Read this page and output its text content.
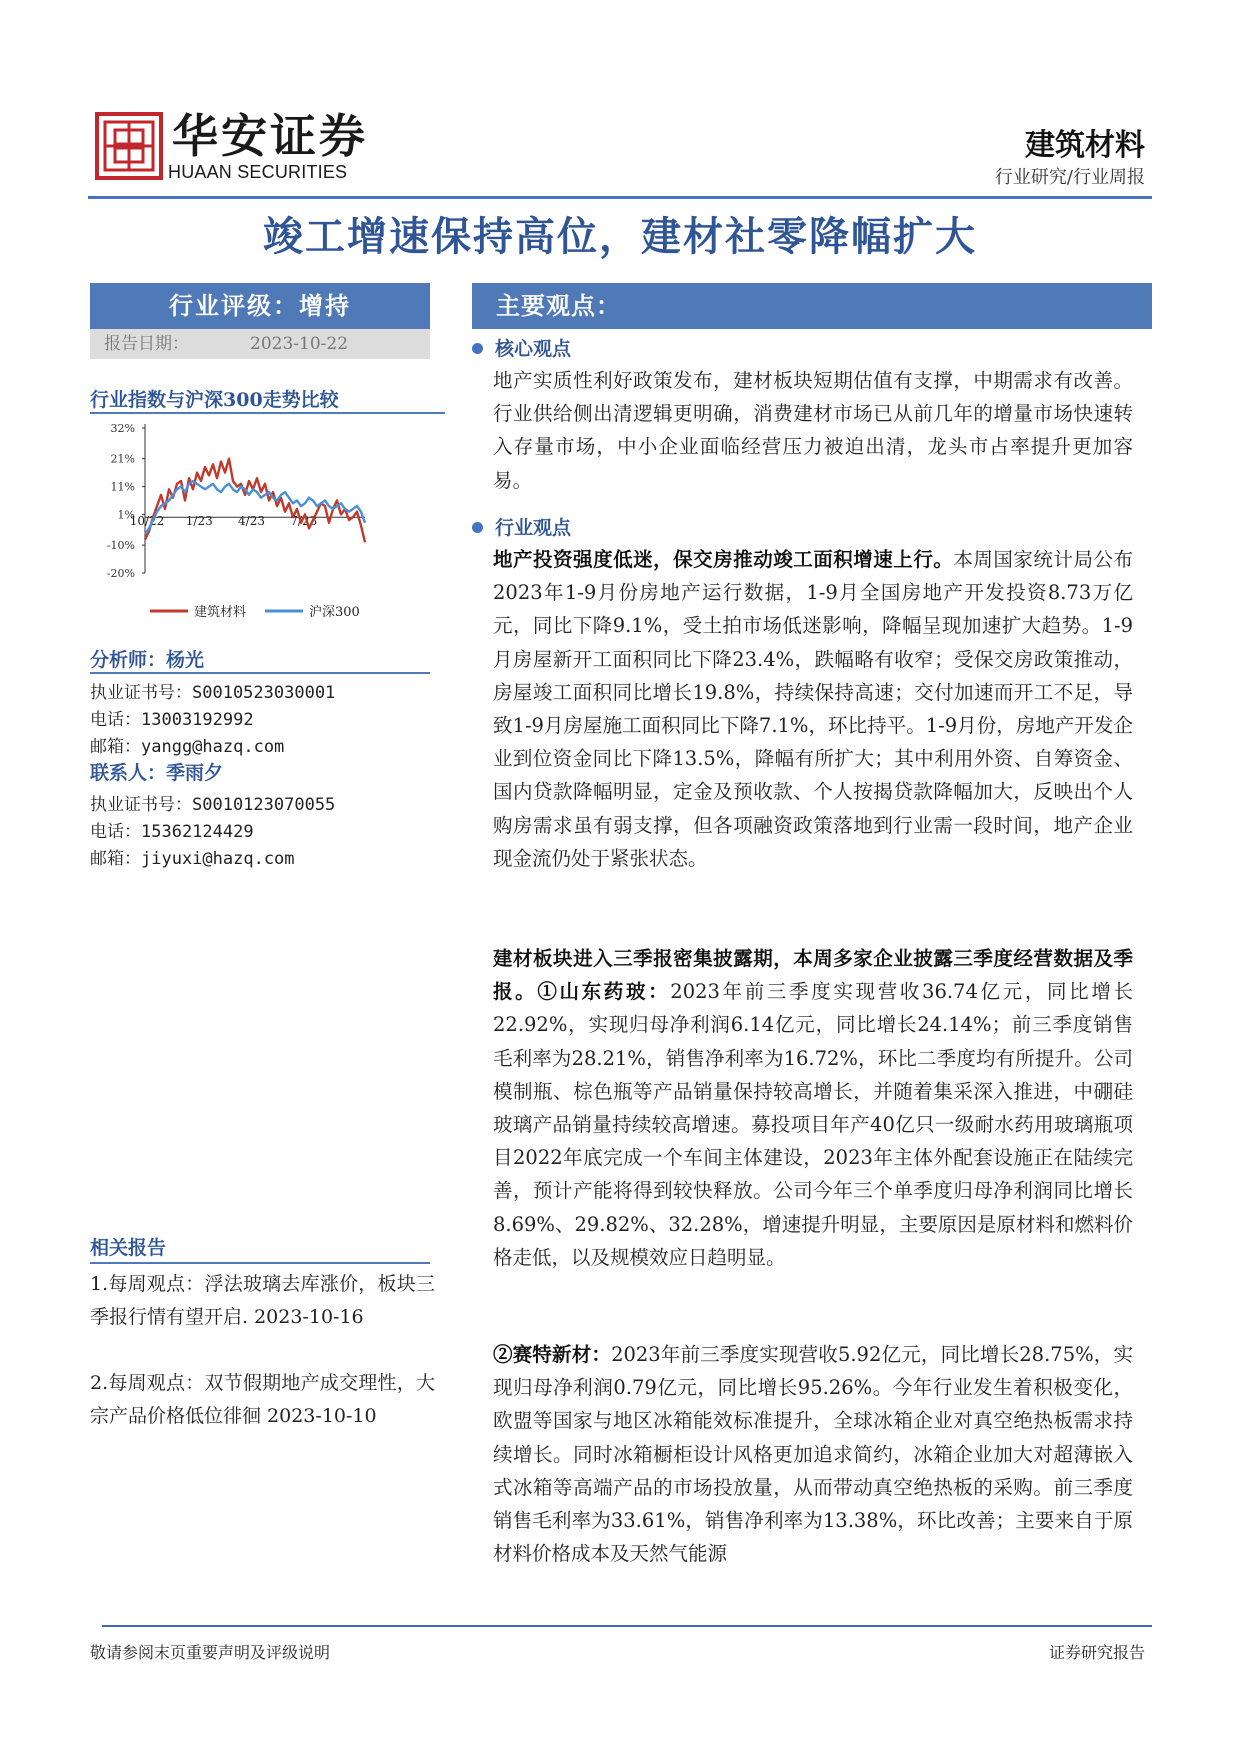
华安证券
HUAAN SECURITIES
建筑材料
行业研究/行业周报
竣工增速保持高位，建材社零降幅扩大
行业评级：增持
报告日期：	2023-10-22
行业指数与沪深300走势比较
32%
21%
11%
1%
-10%
-20%
10/22 1/23 4/23 7/23
建筑材料	沪深300
分析师：杨光
执业证书号：S0010523030001
电话：13003192992
邮箱：yangg@hazq.com
联系人：季雨夕
执业证书号：S0010123070055
电话：15362124429
邮箱：jiyuxi@hazq.com
相关报告
1.每周观点：浮法玻璃去库涨价，板块三季报行情有望开启. 2023-10-16
2.每周观点：双节假期地产成交理性，大宗产品价格低位徘徊 2023-10-10
主要观点：
核心观点
地产实质性利好政策发布，建材板块短期估值有支撑，中期需求有改善。行业供给侧出清逻辑更明确，消费建材市场已从前几年的增量市场快速转入存量市场，中小企业面临经营压力被迫出清，龙头市占率提升更加容易。
行业观点
地产投资强度低迷，保交房推动竣工面积增速上行。本周国家统计局公布2023年1-9月份房地产运行数据，1-9月全国房地产开发投资8.73万亿元，同比下降9.1%，受土拍市场低迷影响，降幅呈现加速扩大趋势。1-9月房屋新开工面积同比下降23.4%，跌幅略有收窄；受保交房政策推动，房屋竣工面积同比增长19.8%，持续保持高速；交付加速而开工不足，导致1-9月房屋施工面积同比下降7.1%，环比持平。1-9月份，房地产开发企业到位资金同比下降13.5%，降幅有所扩大；其中利用外资、自筹资金、国内贷款降幅明显，定金及预收款、个人按揭贷款降幅加大，反映出个人购房需求虽有弱支撑，但各项融资政策落地到行业需一段时间，地产企业现金流仍处于紧张状态。
建材板块进入三季报密集披露期，本周多家企业披露三季度经营数据及季报。①山东药玻：2023年前三季度实现营收36.74亿元，同比增长22.92%，实现归母净利润6.14亿元，同比增长24.14%；前三季度销售毛利率为28.21%，销售净利率为16.72%，环比二季度均有所提升。公司模制瓶、棕色瓶等产品销量保持较高增长，并随着集采深入推进，中硼硅玻璃产品销量持续较高增速。募投项目年产40亿只一级耐水药用玻璃瓶项目2022年底完成一个车间主体建设，2023年主体外配套设施正在陆续完善，预计产能将得到较快释放。公司今年三个单季度归母净利润同比增长8.69%、29.82%、32.28%，增速提升明显，主要原因是原材料和燃料价格走低，以及规模效应日趋明显。
②赛特新材：2023年前三季度实现营收5.92亿元，同比增长28.75%，实现归母净利润0.79亿元，同比增长95.26%。今年行业发生着积极变化，欧盟等国家与地区冰箱能效标准提升，全球冰箱企业对真空绝热板需求持续增长。同时冰箱橱柜设计风格更加追求简约，冰箱企业加大对超薄嵌入式冰箱等高端产品的市场投放量，从而带动真空绝热板的采购。前三季度销售毛利率为33.61%，销售净利率为13.38%，环比改善；主要来自于原材料价格成本及天然气能源
敬请参阅末页重要声明及评级说明	证券研究报告
